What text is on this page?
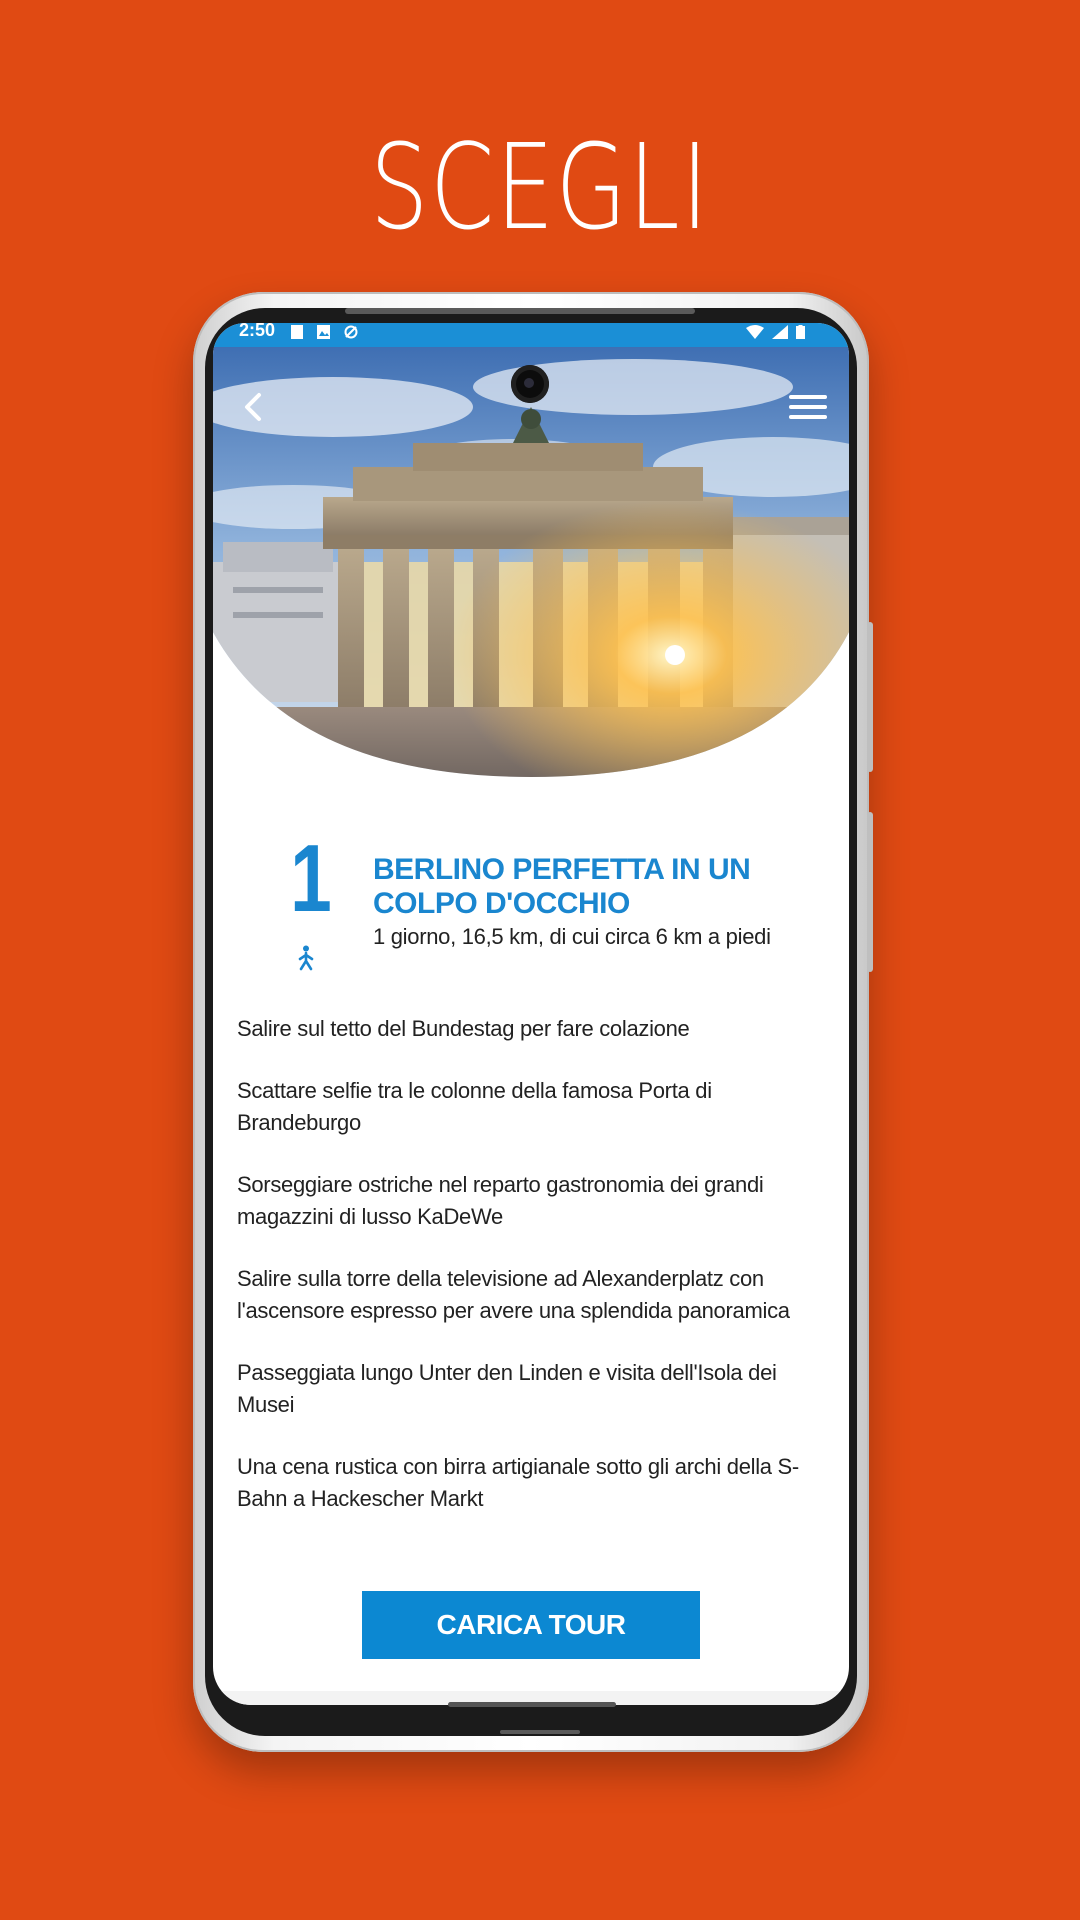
SCEGLI
2:50
1 BERLINO PERFETTA IN UN COLPO D'OCCHIO
1 giorno, 16,5 km, di cui circa 6 km a piedi
Salire sul tetto del Bundestag per fare colazione
Scattare selfie tra le colonne della famosa Porta di Brandeburgo
Sorseggiare ostriche nel reparto gastronomia dei grandi magazzini di lusso KaDeWe
Salire sulla torre della televisione ad Alexanderplatz con l'ascensore espresso per avere una splendida panoramica
Passeggiata lungo Unter den Linden e visita dell'Isola dei Musei
Una cena rustica con birra artigianale sotto gli archi della S-Bahn a Hackescher Markt
CARICA TOUR
